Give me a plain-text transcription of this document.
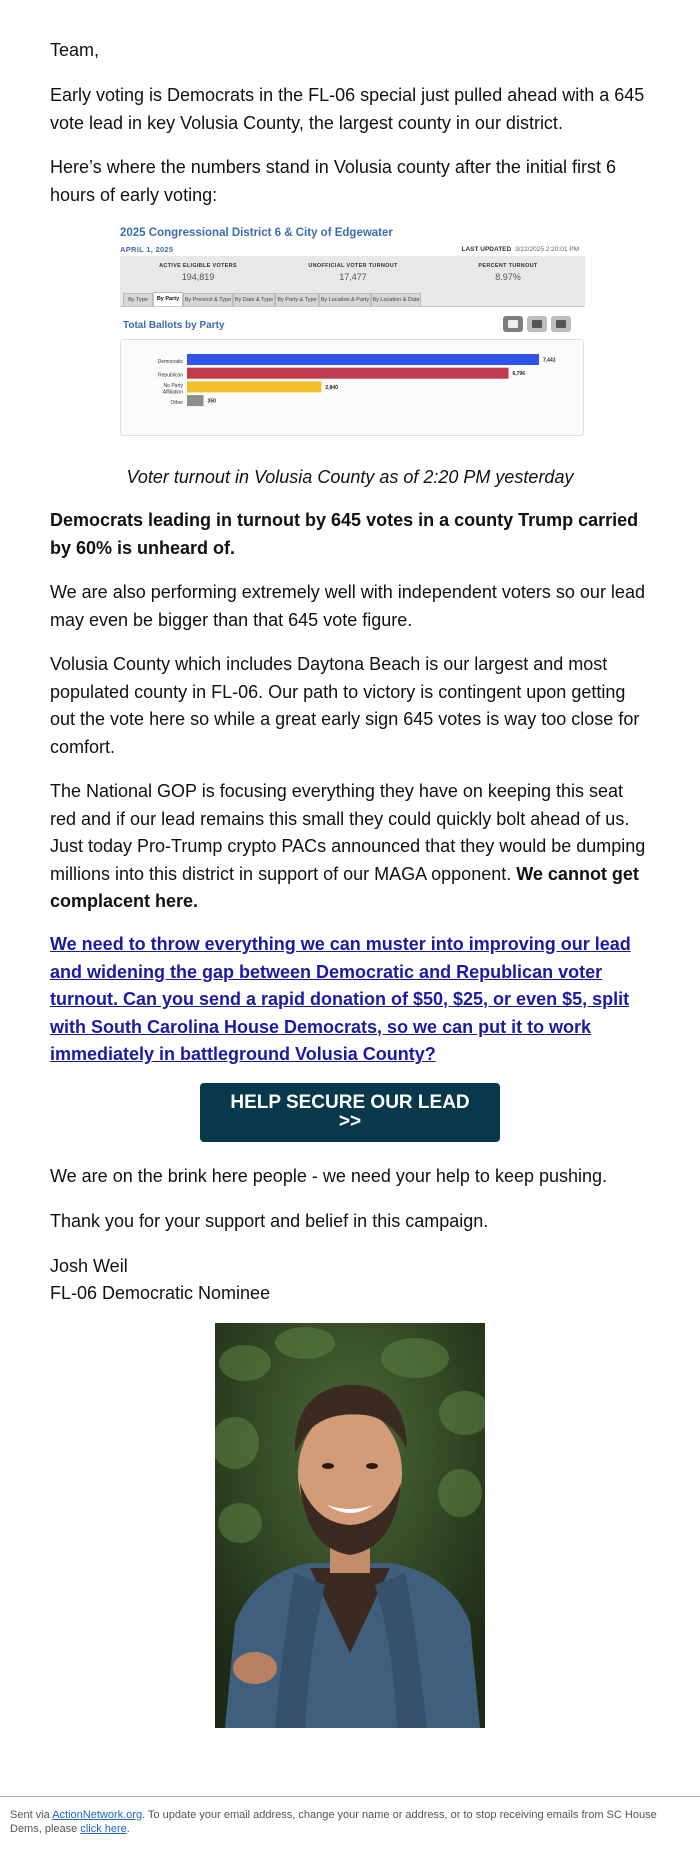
Team,

Early voting is Democrats in the FL-06 special just pulled ahead with a 645 vote lead in key Volusia County, the largest county in our district.

Here’s where the numbers stand in Volusia county after the initial first 6 hours of early voting:

2025 Congressional District 6 & City of Edgewater
APRIL 1, 2025	LAST UPDATED 3/22/2025 2:20:01 PM
ACTIVE ELIGIBLE VOTERS
194,819
UNOFFICIAL VOTER TURNOUT
17,477
PERCENT TURNOUT
8.97%
By Type	By Party	By Precinct & Type By Date & Type By Party & Type By Location & Party By Location & Date
Total Ballots by Party
Democratic	7,441
Republican	6,796
No Party
Affiliation
2,840
Other	350

Voter turnout in Volusia County as of 2:20 PM yesterday

Democrats leading in turnout by 645 votes in a county Trump carried by 60% is unheard of.

We are also performing extremely well with independent voters so our lead may even be bigger than that 645 vote figure.

Volusia County which includes Daytona Beach is our largest and most populated county in FL-06. Our path to victory is contingent upon getting out the vote here so while a great early sign 645 votes is way too close for comfort.

The National GOP is focusing everything they have on keeping this seat red and if our lead remains this small they could quickly bolt ahead of us. Just today Pro-Trump crypto PACs announced that they would be dumping millions into this district in support of our MAGA opponent. We cannot get complacent here.

We need to throw everything we can muster into improving our lead and widening the gap between Democratic and Republican voter turnout. Can you send a rapid donation of $50, $25, or even $5, split with South Carolina House Democrats, so we can put it to work immediately in battleground Volusia County?

HELP SECURE OUR LEAD
>>

We are on the brink here people - we need your help to keep pushing.

Thank you for your support and belief in this campaign.

Josh Weil

FL-06 Democratic Nominee

Sent via ActionNetwork.org. To update your email address, change your name or address, or to stop receiving emails from SC House Dems, please click here.
